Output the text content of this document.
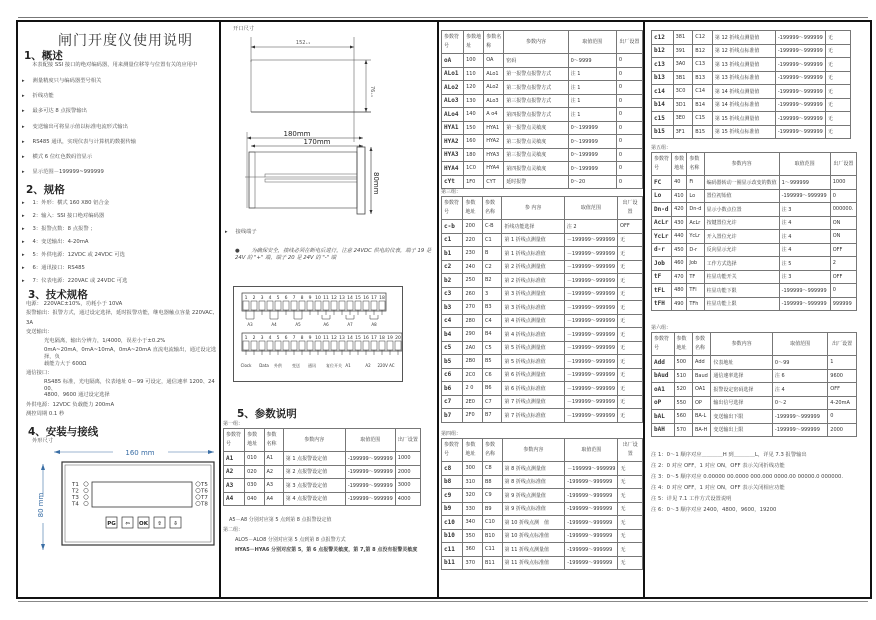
闸门开度仪使用说明
1、概述
本表配接 SSI 接口的绝对编码器，用来测量位移等与位置有关的应用中
▸ 测量精度只与编码器型号相关
▸ 折线功能
▸ 最多可达 8 点报警输出
▸ 变送输出可将显示值以标准电流形式输出
▸ RS485 通讯，实现仪表与计算机的数据传输
▸ 横式 6 位红色数码管显示
▸ 显示范围－199999~999999
2、规格
▸ 1：外形：横式 160 X80 铝合金
▸ 2：输入：SSI 接口绝对编码器
▸ 3：报警点数：8 点报警 ；
▸ 4：变送输出：4-20mA
▸ 5：外供电源：12VDC 或 24VDC 可选
▸ 6：通讯接口：RS485
▸ 7：仪表电源：220VAC 或 24VDC 可选
3、技术规格
电源： 220VAC±10%，功耗小于 10VA
报警输出：报警方式，通过设定选择，延时报警功能，继电器触点容量 220VAC,
3A
变送输出：
光电隔离，输出分辨力，1/4000，误差小于±0.2%
0mA~20mA，0mA~10mA，0mA~20mA 直流电流输出，通过设定选择，负
载能力大于 600Ω
通信接口：
RS485 标准，光电隔离，仪表地址 0－99 可设定，通信速率 1200、2400、
4800、9600 通过设定选择
外供电源：12VDC 负载能力 200mA
测控周期 0.1 秒
4、安装与接线
外形尺寸
160 mm
80 mm
T1
T2
T3
T4
T5
T6
T7
T8
PG ⇦ OK ⇧ ⇩
开口尺寸
152₊₁
76₊₁
180mm
170mm
80mm
▸ 接线端子
● 为确保安全，接线必须在断电后进行。注意 24VDC 供电的仪表，端子 19 是
24V 的 "+" 端，端子 20 是 24V 的 "-" 端
1 2 3 4 5 6 7 8 9 10 11 12 13 14 15 16 17 18
A3	A4	A5	A6	A7	A8
1 2 3 4 5 6 7 8 9 10 11 12 13 14 15 16 17 18 19 20
Clock Data 外供	变送 通讯	复位开关 A1	A2 220V AC
5、参数说明
第一组：
参数符号	参数地址	参数名称	参数内容	取值范围	出厂设置
A1	010	A1	第 1 点报警设定值	-199999～999999	1000
A2	020	A2	第 2 点报警设定值	-199999～999999	2000
A3	030	A3	第 3 点报警设定值	-199999～999999	3000
A4	040	A4	第 4 点报警设定值	-199999～999999	4000
A5－A8 分别对应第 5 点到第 8 点报警设定值
第二组：
ALO5－ALO8 分别对应第 5 点到第 8 点报警方式
HYA5－HYA6 分别对应第 5，第 6 点报警灵敏度，第 7,第 8 点没有报警灵敏度
参数符号	参数地址	参数名称	参数内容	取值范围	出厂设置
oA	100	OA	密码	0～9999	0
ALo1	110	ALo1	第一报警点报警方式	注 1	0
ALo2	120	ALo2	第二报警点报警方式	注 1	0
ALo3	130	ALo3	第三报警点报警方式	注 1	0
ALo4	140	A o4	第四报警点报警方式	注 1	0
HYA1	150	HYA1	第一报警点灵敏度	0～199999	0
HYA2	160	HYA2	第二报警点灵敏度	0～199999	0
HYA3	180	HYA3	第三报警点灵敏度	0～199999	0
HYA4	1C0	HYA4	第四报警点灵敏度	0～199999	0
cYt	1F0	CYT	延时报警	0～20	0
第三组：
参数符号	参数地址	参数名称	参 内容	取值范围	出厂设置
c-b	200	C-B	折线功能选择	注 2	OFF
c1	220	C1	第 1 折线点测量值	－199999～999999	无
b1	230	B	第 1 折线点标准值	－199999～999999	无
c2	240	C2	第 2 折线点测量值	－199999～999999	无
b2	250	B2	第 2 折线点标准值	－199999～999999	无
c3	260	3	第 3 折线点测量值	－199999～999999	无
b3	270	B3	第 3 折线点标准值	－199999～999999	无
c4	280	C4	第 4 折线点测量值	－199999～999999	无
b4	290	B4	第 4 折线点标准值	－199999～999999	无
c5	2A0	C5	第 5 折线点测量值	－199999～999999	无
b5	2B0	B5	第 5 折线点标准值	－199999～999999	无
c6	2C0	C6	第 6 折线点测量值	－199999～999999	无
b6	2 0	B6	第 6 折线点标准值	－199999～999999	无
c7	2E0	C7	第 7 折线点测量值	－199999～999999	无
b7	2F0	B7	第 7 折线点标准值	－199999～999999	无
第四组：
参数符号	参数地址	参数名称	参数内容	取值范围	出厂设置
c8	300	C8	第 8 折线点测量值	－199999～999999	无
b8	310	B8	第 8 折线点标准值	-199999～999999	无
c9	320	C9	第 9 折线点测量值	-199999～999999	无
b9	330	B9	第 9 折线点标准值	-199999～999999	无
c10	340	C10	第 10 折线点测　值	-199999～999999	无
b10	350	B10	第 10 折线点标准值	-199999～999999	无
c11	360	C11	第 11 折线点测量值	-199999～999999	无
b11	370	B11	第 11 折线点标准值	-199999～999999	无
c12	381	C12	第 12 折线点测量值	-199999～999999	无
b12	391	B12	第 12 折线点标准值	-199999～999999	无
c13	3A0	C13	第 13 折线点测量值	-199999～999999	无
b13	3B1	B13	第 13 折线点标准值	-199999～999999	无
c14	3C0	C14	第 14 折线点测量值	-199999～999999	无
b14	3D1	B14	第 14 折线点标准值	-199999～999999	无
c15	3E0	C15	第 15 折线点测量值	-199999～999999	无
b15	3F1	B15	第 15 折线点标准值	-199999～999999	无
第五组：
参数符号	参数地址	参数名称	参数内容	取值范围	出厂设置
FC	40	Fi	编码器转动一圈显示改变的数值	1～999999	1000
Lo	410	Lo	置位初始值	-199999～999999	0
Dn-d	420	Dn-d	显示小数点位置	注 3	000000.
AcLr	430	AcLr	按键置位允许	注 4	ON
YcLr	440	YcLr	开入置位允许	注 4	ON
d-r	450	D-r	反向显示允许	注 4	OFF
Job	460	Job	工作方式选择	注 5	2
tF	470	TF	柱显功能开关	注 3	OFF
tFL	480	TFl	柱显功能下限	-199999～999999	0
tFH	490	TFh	柱显功能上限	-199999～999999	999999
第六组：
参数符号	参数地址	参数名称	参数内容	取值范围	出厂设置
Add	500	Add	仪表地址	0～99	1
bAud	510	Baud	通信速率选择	注 6	9600
oA1	520	OA1	报警设定密码选择	注 4	OFF
oP	550	OP	输出信号选择	0～2	4-20mA
bAL	560	BA-L	变送输出下限	-199999～999999	0
bAH	570	BA-H	变送输出上限	-199999～999999	2000
注 1：0～1 顺序对应＿＿＿＿H 到＿＿＿＿L，详见 7.3 报警输出
注 2：0 对应 OFF，1 对应 ON，OFF 表示关闭折线功能
注 3：0～5 顺序对应 0.00000 00.0000 000.000 0000.00 00000.0 000000.
注 4：0 对应 OFF，1 对应 ON，OFF 表示关闭相应功能
注 5：详见 7.1 工作方式设置说明
注 6：0～3 顺序对应 2400，4800，9600，19200
